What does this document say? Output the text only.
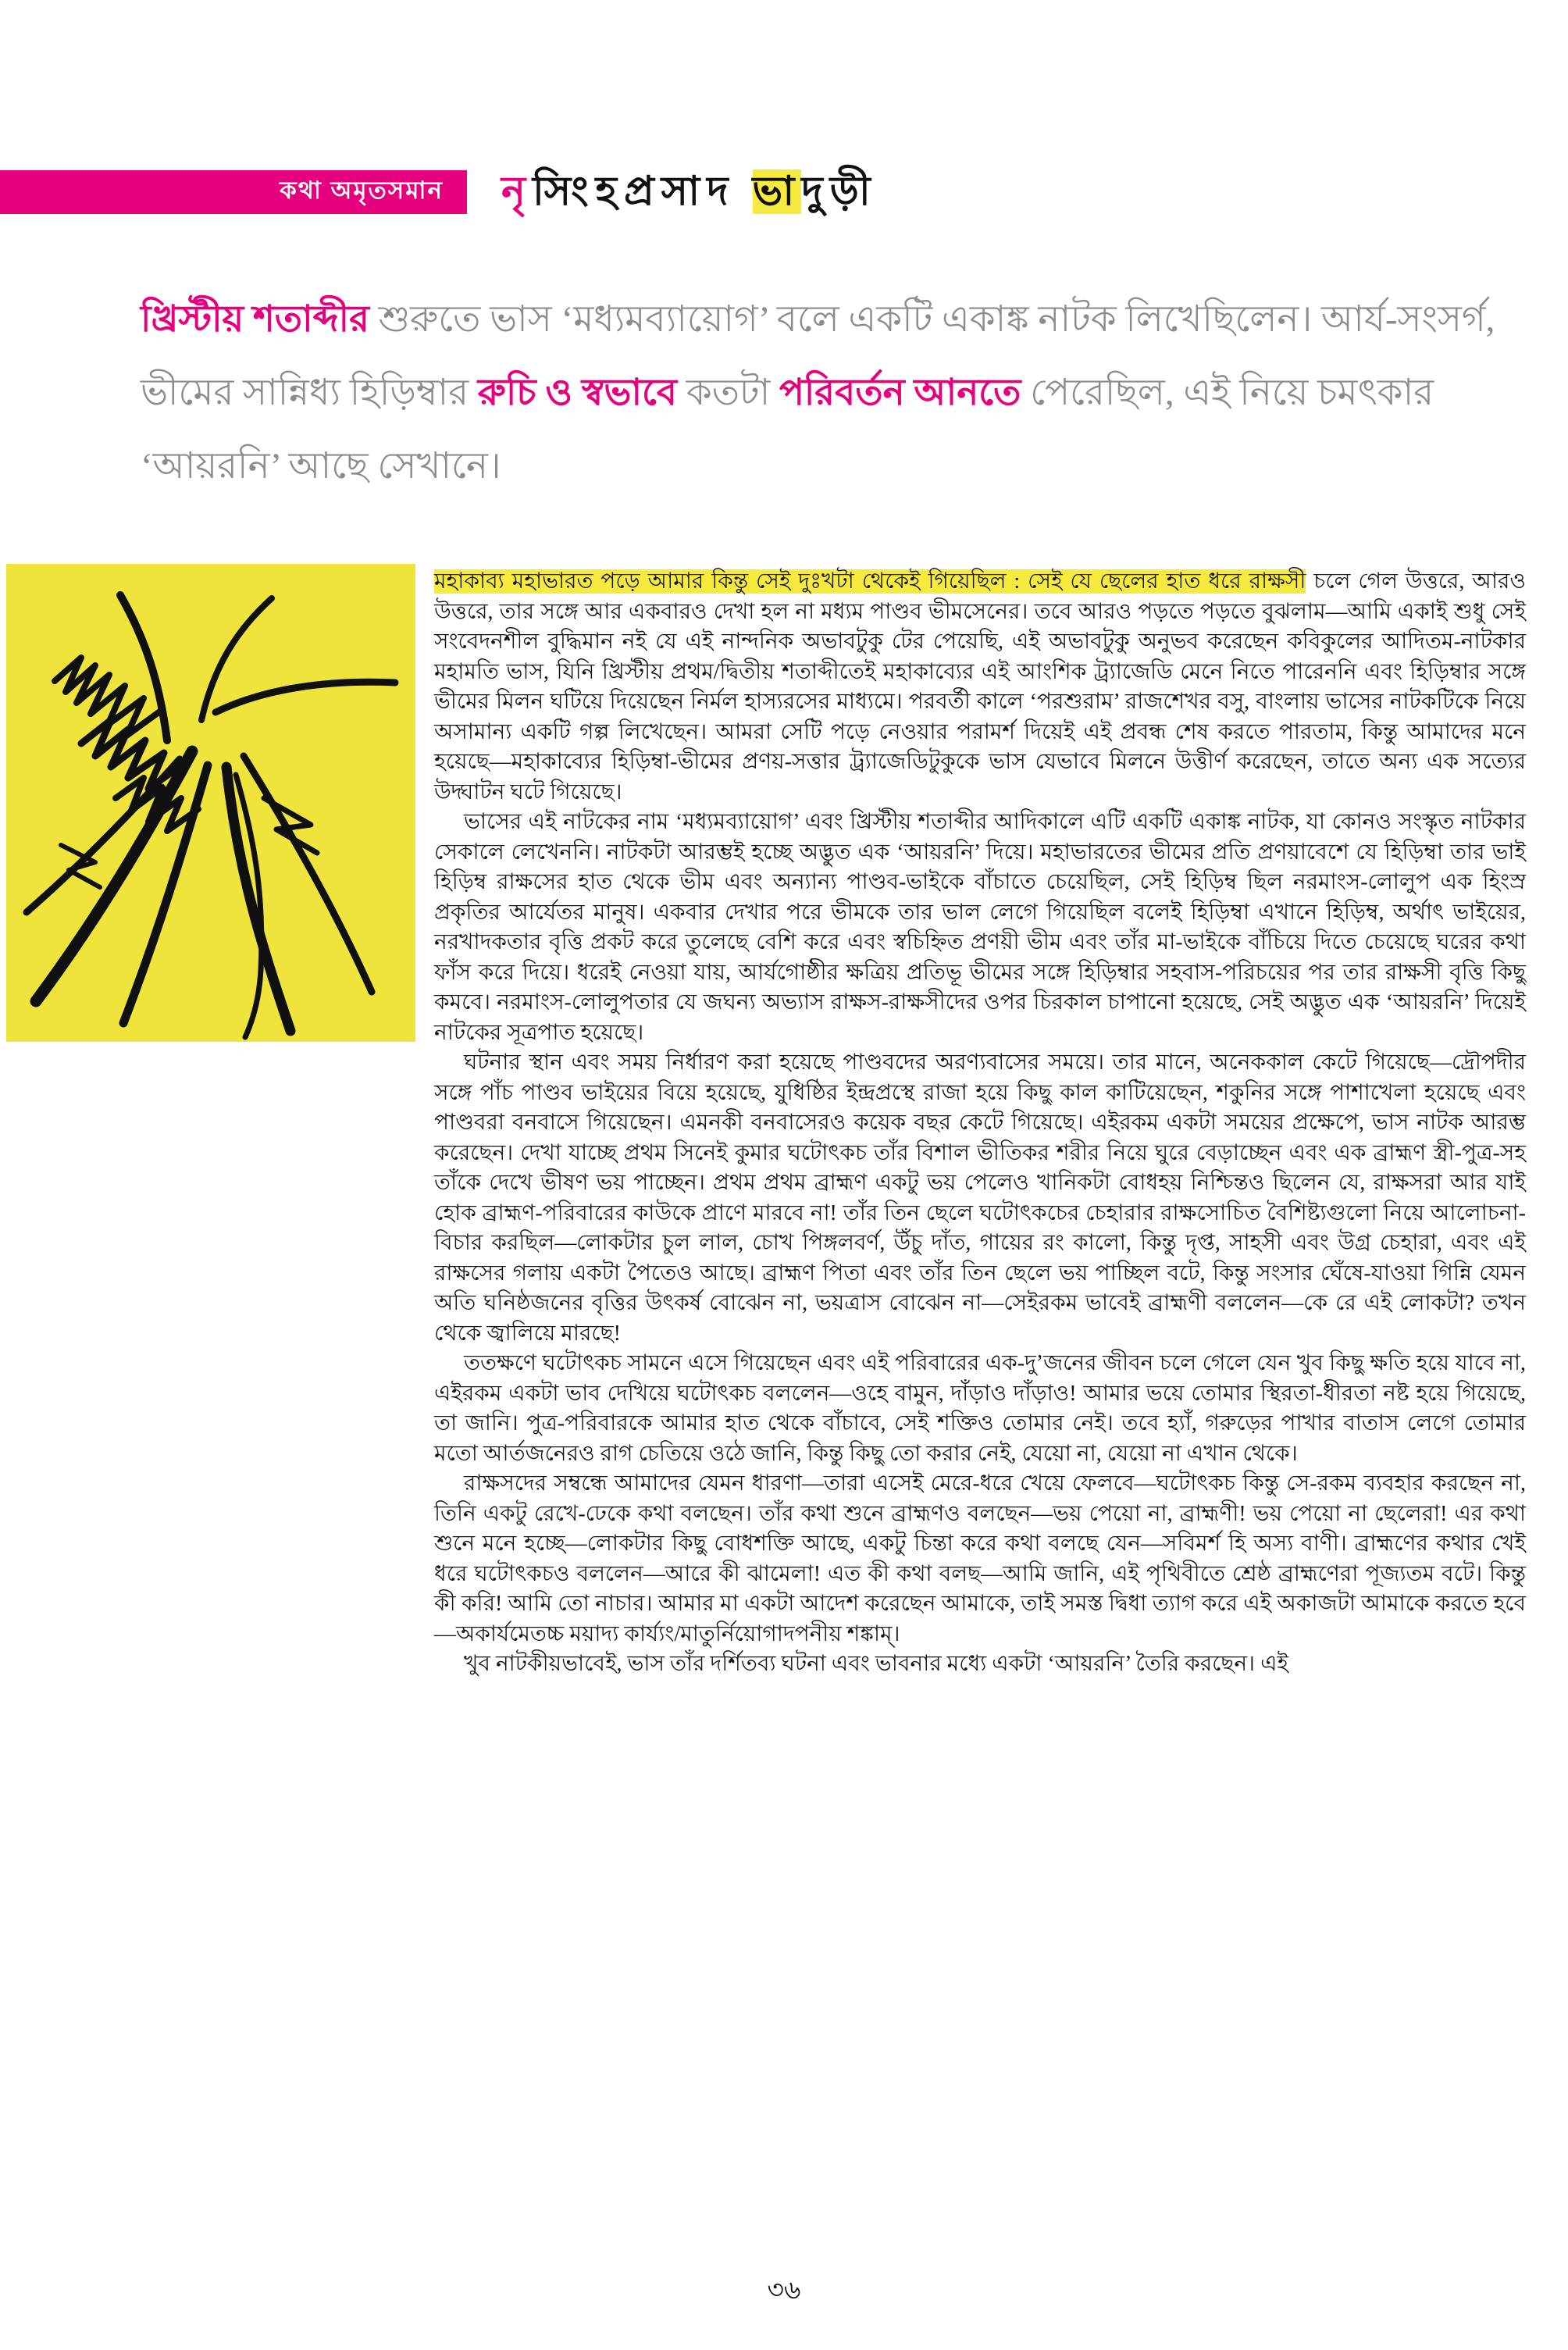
কথা অমৃতসমান নৃসিংহপ্রসাদ ভাদুড়ী
খ্রিস্টীয় শতাব্দীর শুরুতে ভাস ‘মধ্যমব্যায়োগ’ বলে একটি একাঙ্ক নাটক লিখেছিলেন। আর্য-সংসর্গ, ভীমের সান্নিধ্য হিড়িম্বার রুচি ও স্বভাবে কতটা পরিবর্তন আনতে পেরেছিল, এই নিয়ে চমৎকার ‘আয়রনি’ আছে সেখানে।

মহাকাব্য মহাভারত পড়ে আমার কিন্তু সেই দুঃখটা থেকেই গিয়েছিল : সেই যে ছেলের হাত ধরে রাক্ষসী চলে গেল উত্তরে, আরও উত্তরে, তার সঙ্গে আর একবারও দেখা হল না মধ্যম পাণ্ডব ভীমসেনের। তবে আরও পড়তে পড়তে বুঝলাম—আমি একাই শুধু সেই সংবেদনশীল বুদ্ধিমান নই যে এই নান্দনিক অভাবটুকু টের পেয়েছি, এই অভাবটুকু অনুভব করেছেন কবিকুলের আদিতম-নাটকার মহামতি ভাস, যিনি খ্রিস্টীয় প্রথম/দ্বিতীয় শতাব্দীতেই মহাকাব্যের এই আংশিক ট্র্যাজেডি মেনে নিতে পারেননি এবং হিড়িম্বার সঙ্গে ভীমের মিলন ঘটিয়ে দিয়েছেন নির্মল হাস্যরসের মাধ্যমে। পরবর্তী কালে ‘পরশুরাম’ রাজশেখর বসু, বাংলায় ভাসের নাটকটিকে নিয়ে অসামান্য একটি গল্প লিখেছেন। আমরা সেটি পড়ে নেওয়ার পরামর্শ দিয়েই এই প্রবন্ধ শেষ করতে পারতাম, কিন্তু আমাদের মনে হয়েছে—মহাকাব্যের হিড়িম্বা-ভীমের প্রণয়-সত্তার ট্র্যাজেডিটুকুকে ভাস যেভাবে মিলনে উত্তীর্ণ করেছেন, তাতে অন্য এক সত্যের উদ্ঘাটন ঘটে গিয়েছে।

ভাসের এই নাটকের নাম ‘মধ্যমব্যায়োগ’ এবং খ্রিস্টীয় শতাব্দীর আদিকালে এটি একটি একাঙ্ক নাটক, যা কোনও সংস্কৃত নাটকার সেকালে লেখেননি। নাটকটা আরম্ভই হচ্ছে অদ্ভুত এক ‘আয়রনি’ দিয়ে। মহাভারতের ভীমের প্রতি প্রণয়াবেশে যে হিড়িম্বা তার ভাই হিড়িম্ব রাক্ষসের হাত থেকে ভীম এবং অন্যান্য পাণ্ডব-ভাইকে বাঁচাতে চেয়েছিল, সেই হিড়িম্ব ছিল নরমাংস-লোলুপ এক হিংস্র প্রকৃতির আর্যেতর মানুষ। একবার দেখার পরে ভীমকে তার ভাল লেগে গিয়েছিল বলেই হিড়িম্বা এখানে হিড়িম্ব, অর্থাৎ ভাইয়ের, নরখাদকতার বৃত্তি প্রকট করে তুলেছে বেশি করে এবং স্বচিহ্নিত প্রণয়ী ভীম এবং তাঁর মা-ভাইকে বাঁচিয়ে দিতে চেয়েছে ঘরের কথা ফাঁস করে দিয়ে। ধরেই নেওয়া যায়, আর্যগোষ্ঠীর ক্ষত্রিয় প্রতিভূ ভীমের সঙ্গে হিড়িম্বার সহবাস-পরিচয়ের পর তার রাক্ষসী বৃত্তি কিছু কমবে। নরমাংস-লোলুপতার যে জঘন্য অভ্যাস রাক্ষস-রাক্ষসীদের ওপর চিরকাল চাপানো হয়েছে, সেই অদ্ভুত এক ‘আয়রনি’ দিয়েই নাটকের সূত্রপাত হয়েছে।

ঘটনার স্থান এবং সময় নির্ধারণ করা হয়েছে পাণ্ডবদের অরণ্যবাসের সময়ে। তার মানে, অনেককাল কেটে গিয়েছে—দ্রৌপদীর সঙ্গে পাঁচ পাণ্ডব ভাইয়ের বিয়ে হয়েছে, যুধিষ্ঠির ইন্দ্রপ্রস্থে রাজা হয়ে কিছু কাল কাটিয়েছেন, শকুনির সঙ্গে পাশাখেলা হয়েছে এবং পাণ্ডবরা বনবাসে গিয়েছেন। এমনকী বনবাসেরও কয়েক বছর কেটে গিয়েছে। এইরকম একটা সময়ের প্রক্ষেপে, ভাস নাটক আরম্ভ করেছেন। দেখা যাচ্ছে প্রথম সিনেই কুমার ঘটোৎকচ তাঁর বিশাল ভীতিকর শরীর নিয়ে ঘুরে বেড়াচ্ছেন এবং এক ব্রাহ্মণ স্ত্রী-পুত্র-সহ তাঁকে দেখে ভীষণ ভয় পাচ্ছেন। প্রথম প্রথম ব্রাহ্মণ একটু ভয় পেলেও খানিকটা বোধহয় নিশ্চিন্তও ছিলেন যে, রাক্ষসরা আর যাই হোক ব্রাহ্মণ-পরিবারের কাউকে প্রাণে মারবে না! তাঁর তিন ছেলে ঘটোৎকচের চেহারার রাক্ষসোচিত বৈশিষ্ট্যগুলো নিয়ে আলোচনা-বিচার করছিল—লোকটার চুল লাল, চোখ পিঙ্গলবর্ণ, উঁচু দাঁত, গায়ের রং কালো, কিন্তু দৃপ্ত, সাহসী এবং উগ্র চেহারা, এবং এই রাক্ষসের গলায় একটা পৈতেও আছে। ব্রাহ্মণ পিতা এবং তাঁর তিন ছেলে ভয় পাচ্ছিল বটে, কিন্তু সংসার ঘেঁষে-যাওয়া গিন্নি যেমন অতি ঘনিষ্ঠজনের বৃত্তির উৎকর্ষ বোঝেন না, ভয়ত্রাস বোঝেন না—সেইরকম ভাবেই ব্রাহ্মণী বললেন—কে রে এই লোকটা? তখন থেকে জ্বালিয়ে মারছে!

ততক্ষণে ঘটোৎকচ সামনে এসে গিয়েছেন এবং এই পরিবারের এক-দু’জনের জীবন চলে গেলে যেন খুব কিছু ক্ষতি হয়ে যাবে না, এইরকম একটা ভাব দেখিয়ে ঘটোৎকচ বললেন—ওহে বামুন, দাঁড়াও দাঁড়াও! আমার ভয়ে তোমার স্থিরতা-ধীরতা নষ্ট হয়ে গিয়েছে, তা জানি। পুত্র-পরিবারকে আমার হাত থেকে বাঁচাবে, সেই শক্তিও তোমার নেই। তবে হ্যাঁ, গরুড়ের পাখার বাতাস লেগে তোমার মতো আর্তজনেরও রাগ চেতিয়ে ওঠে জানি, কিন্তু কিছু তো করার নেই, যেয়ো না, যেয়ো না এখান থেকে।

রাক্ষসদের সম্বন্ধে আমাদের যেমন ধারণা—তারা এসেই মেরে-ধরে খেয়ে ফেলবে—ঘটোৎকচ কিন্তু সে-রকম ব্যবহার করছেন না, তিনি একটু রেখে-ঢেকে কথা বলছেন। তাঁর কথা শুনে ব্রাহ্মণও বলছেন—ভয় পেয়ো না, ব্রাহ্মণী! ভয় পেয়ো না ছেলেরা! এর কথা শুনে মনে হচ্ছে—লোকটার কিছু বোধশক্তি আছে, একটু চিন্তা করে কথা বলছে যেন—সবিমর্শ হি অস্য বাণী। ব্রাহ্মণের কথার খেই ধরে ঘটোৎকচও বললেন—আরে কী ঝামেলা! এত কী কথা বলছ—আমি জানি, এই পৃথিবীতে শ্রেষ্ঠ ব্রাহ্মণেরা পূজ্যতম বটে। কিন্তু কী করি! আমি তো নাচার। আমার মা একটা আদেশ করেছেন আমাকে, তাই সমস্ত দ্বিধা ত্যাগ করে এই অকাজটা আমাকে করতে হবে—অকার্যমেতচ্চ ময়াদ্য কার্য্যং/মাতুর্নিয়োগাদপনীয় শঙ্কাম্।

খুব নাটকীয়ভাবেই, ভাস তাঁর দর্শিতব্য ঘটনা এবং ভাবনার মধ্যে একটা ‘আয়রনি’ তৈরি করছেন। এই

৩৬
